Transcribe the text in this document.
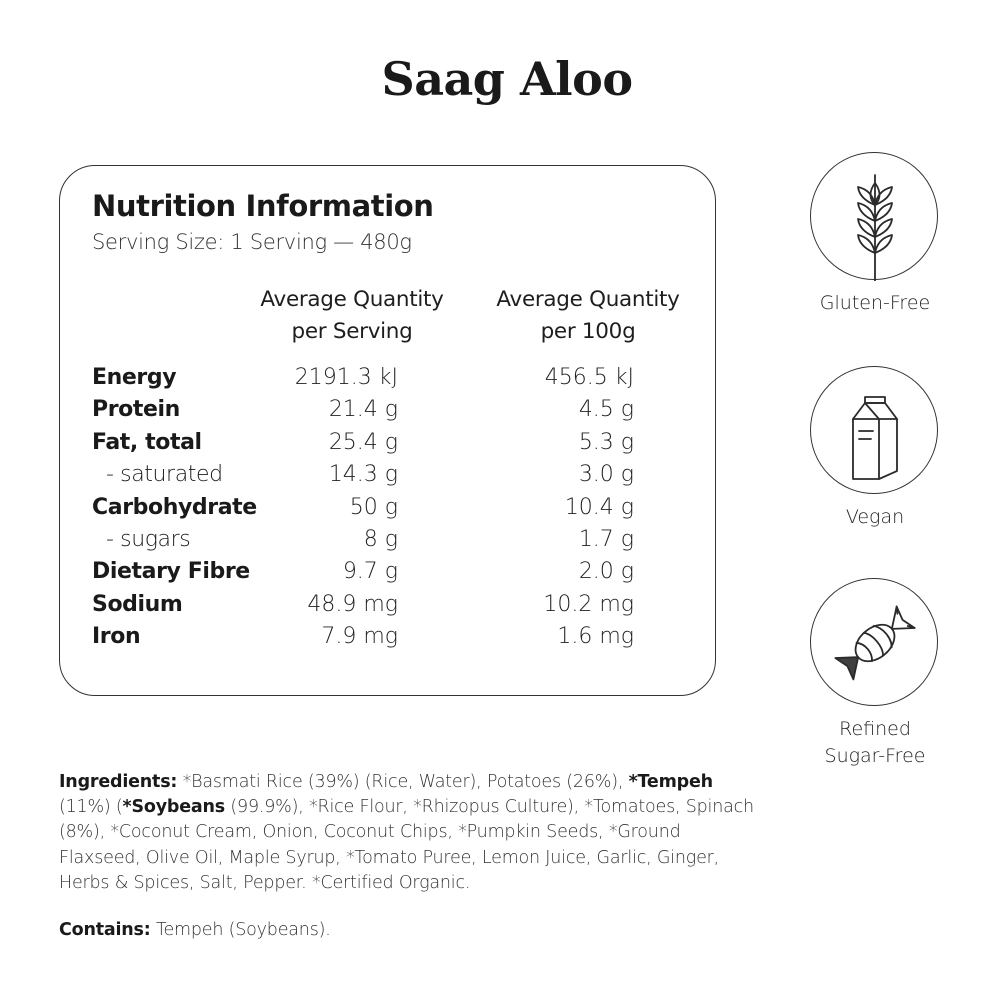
Saag Aloo
Nutrition Information
Serving Size: 1 Serving — 480g
Average Quantity
per Serving
Average Quantity
per 100g
Energy	2191.3 kJ	456.5 kJ
Protein	21.4 g	4.5 g
Fat, total	25.4 g	5.3 g
- saturated	14.3 g	3.0 g
Carbohydrate	50 g	10.4 g
- sugars	8 g	1.7 g
Dietary Fibre	9.7 g	2.0 g
Sodium	48.9 mg	10.2 mg
Iron	7.9 mg	1.6 mg
Gluten-Free
Vegan
Refined
Sugar-Free

Ingredients: *Basmati Rice (39%) (Rice, Water), Potatoes (26%), *Tempeh (11%) (*Soybeans (99.9%), *Rice Flour, *Rhizopus Culture), *Tomatoes, Spinach (8%), *Coconut Cream, Onion, Coconut Chips, *Pumpkin Seeds, *Ground Flaxseed, Olive Oil, Maple Syrup, *Tomato Puree, Lemon Juice, Garlic, Ginger, Herbs & Spices, Salt, Pepper. *Certified Organic.

Contains: Tempeh (Soybeans).
